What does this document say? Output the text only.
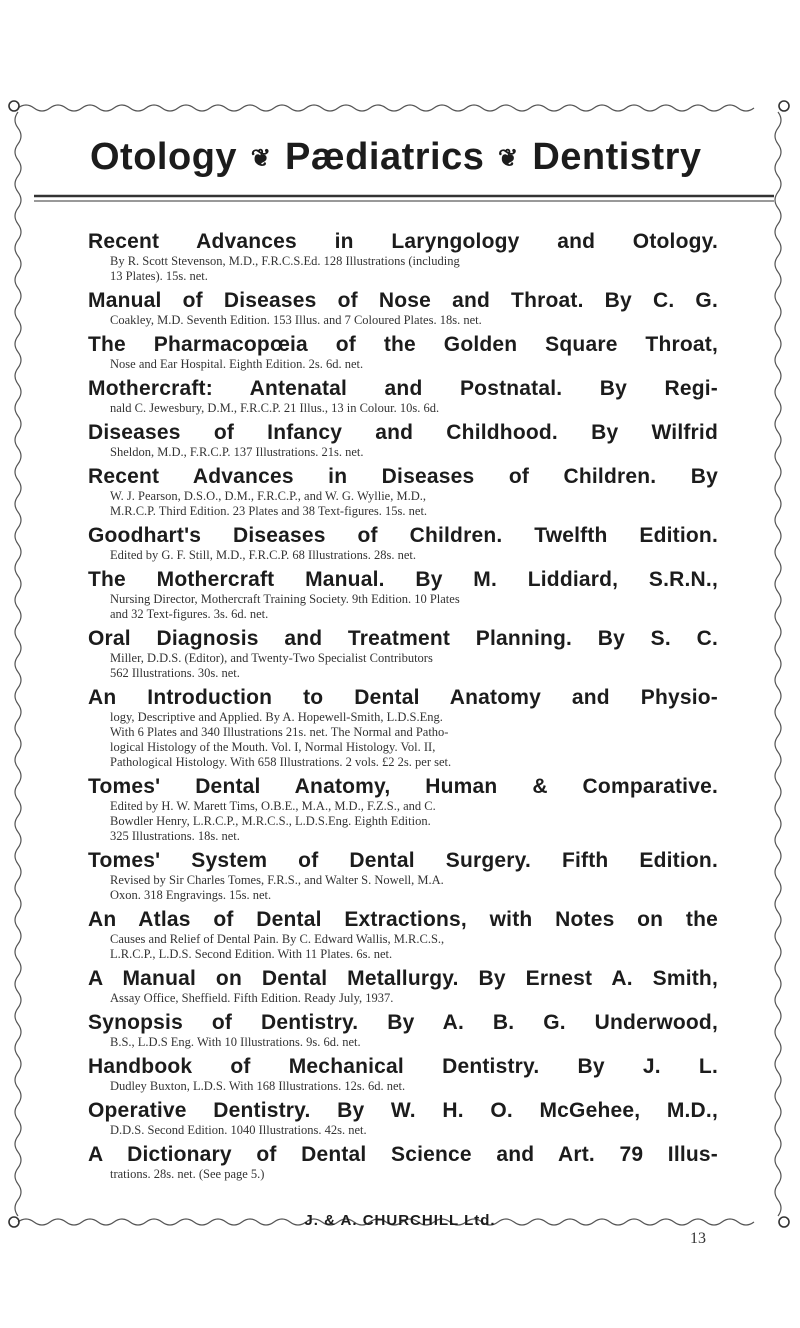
Otology ❦ Pædiatrics ❦ Dentistry
Recent Advances in Laryngology and Otology.

By R. Scott Stevenson, M.D., F.R.C.S.Ed. 128 Illustrations (including

13 Plates). 15s. net.

Manual of Diseases of Nose and Throat. By C. G.

Coakley, M.D. Seventh Edition. 153 Illus. and 7 Coloured Plates. 18s. net.

The Pharmacopœia of the Golden Square Throat,

Nose and Ear Hospital. Eighth Edition. 2s. 6d. net.

Mothercraft: Antenatal and Postnatal. By Regi-

nald C. Jewesbury, D.M., F.R.C.P. 21 Illus., 13 in Colour. 10s. 6d.

Diseases of Infancy and Childhood. By Wilfrid

Sheldon, M.D., F.R.C.P. 137 Illustrations. 21s. net.

Recent Advances in Diseases of Children. By

W. J. Pearson, D.S.O., D.M., F.R.C.P., and W. G. Wyllie, M.D.,

M.R.C.P. Third Edition. 23 Plates and 38 Text-figures. 15s. net.

Goodhart's Diseases of Children. Twelfth Edition.

Edited by G. F. Still, M.D., F.R.C.P. 68 Illustrations. 28s. net.

The Mothercraft Manual. By M. Liddiard, S.R.N.,

Nursing Director, Mothercraft Training Society. 9th Edition. 10 Plates

and 32 Text-figures. 3s. 6d. net.

Oral Diagnosis and Treatment Planning. By S. C.

Miller, D.D.S. (Editor), and Twenty-Two Specialist Contributors

562 Illustrations. 30s. net.

An Introduction to Dental Anatomy and Physio-

logy, Descriptive and Applied. By A. Hopewell-Smith, L.D.S.Eng.

With 6 Plates and 340 Illustrations 21s. net. The Normal and Patho-

logical Histology of the Mouth. Vol. I, Normal Histology. Vol. II,

Pathological Histology. With 658 Illustrations. 2 vols. £2 2s. per set.

Tomes' Dental Anatomy, Human & Comparative.

Edited by H. W. Marett Tims, O.B.E., M.A., M.D., F.Z.S., and C.

Bowdler Henry, L.R.C.P., M.R.C.S., L.D.S.Eng. Eighth Edition.

325 Illustrations. 18s. net.

Tomes' System of Dental Surgery. Fifth Edition.

Revised by Sir Charles Tomes, F.R.S., and Walter S. Nowell, M.A.

Oxon. 318 Engravings. 15s. net.

An Atlas of Dental Extractions, with Notes on the

Causes and Relief of Dental Pain. By C. Edward Wallis, M.R.C.S.,

L.R.C.P., L.D.S. Second Edition. With 11 Plates. 6s. net.

A Manual on Dental Metallurgy. By Ernest A. Smith,

Assay Office, Sheffield. Fifth Edition. Ready July, 1937.

Synopsis of Dentistry. By A. B. G. Underwood,

B.S., L.D.S Eng. With 10 Illustrations. 9s. 6d. net.

Handbook of Mechanical Dentistry. By J. L.

Dudley Buxton, L.D.S. With 168 Illustrations. 12s. 6d. net.

Operative Dentistry. By W. H. O. McGehee, M.D.,

D.D.S. Second Edition. 1040 Illustrations. 42s. net.

A Dictionary of Dental Science and Art. 79 Illus-

trations. 28s. net. (See page 5.)

J. & A. CHURCHILL Ltd.
13
